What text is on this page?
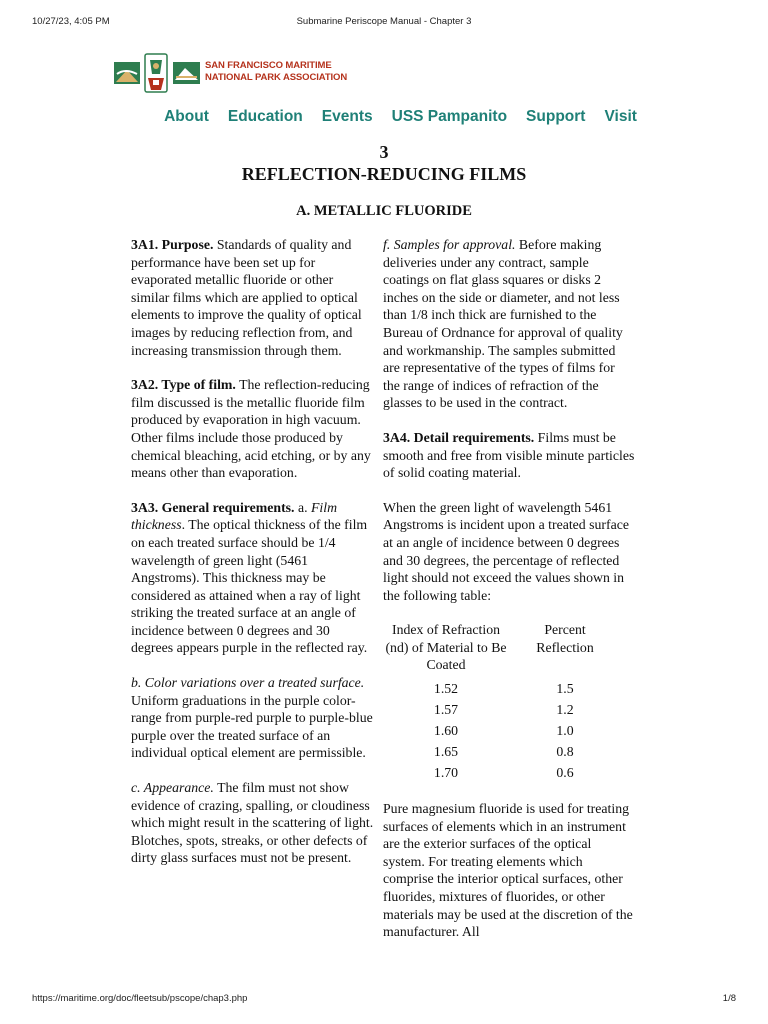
10/27/23, 4:05 PM	Submarine Periscope Manual - Chapter 3
SAN FRANCISCO MARITIME
NATIONAL PARK ASSOCIATION
About Education Events USS Pampanito Support Visit
3
REFLECTION-REDUCING FILMS
A. METALLIC FLUORIDE

3A1. Purpose. Standards of quality and performance have been set up for evaporated metallic fluoride or other similar films which are applied to optical elements to improve the quality of optical images by reducing reflection from, and increasing transmission through them.

3A2. Type of film. The reflection-reducing film discussed is the metallic fluoride film produced by evaporation in high vacuum. Other films include those produced by chemical bleaching, acid etching, or by any means other than evaporation.

3A3. General requirements. a. Film thickness. The optical thickness of the film on each treated surface should be 1/4 wavelength of green light (5461 Angstroms). This thickness may be considered as attained when a ray of light striking the treated surface at an angle of incidence between 0 degrees and 30 degrees appears purple in the reflected ray.

b. Color variations over a treated surface. Uniform graduations in the purple color-range from purple-red purple to purple-blue purple over the treated surface of an individual optical element are permissible.

c. Appearance. The film must not show evidence of crazing, spalling, or cloudiness which might result in the scattering of light. Blotches, spots, streaks, or other defects of dirty glass surfaces must not be present.

f. Samples for approval. Before making deliveries under any contract, sample coatings on flat glass squares or disks 2 inches on the side or diameter, and not less than 1/8 inch thick are furnished to the Bureau of Ordnance for approval of quality and workmanship. The samples submitted are representative of the types of films for the range of indices of refraction of the glasses to be used in the contract.

3A4. Detail requirements. Films must be smooth and free from visible minute particles of solid coating material.

When the green light of wavelength 5461 Angstroms is incident upon a treated surface at an angle of incidence between 0 degrees and 30 degrees, the percentage of reflected light should not exceed the values shown in the following table:

Index of Refraction (nd) of Material to Be Coated	Percent Reflection
1.52	1.5
1.57	1.2
1.60	1.0
1.65	0.8
1.70	0.6

Pure magnesium fluoride is used for treating surfaces of elements which in an instrument are the exterior surfaces of the optical system. For treating elements which comprise the interior optical surfaces, other fluorides, mixtures of fluorides, or other materials may be used at the discretion of the manufacturer. All

https://maritime.org/doc/fleetsub/pscope/chap3.php	1/8
